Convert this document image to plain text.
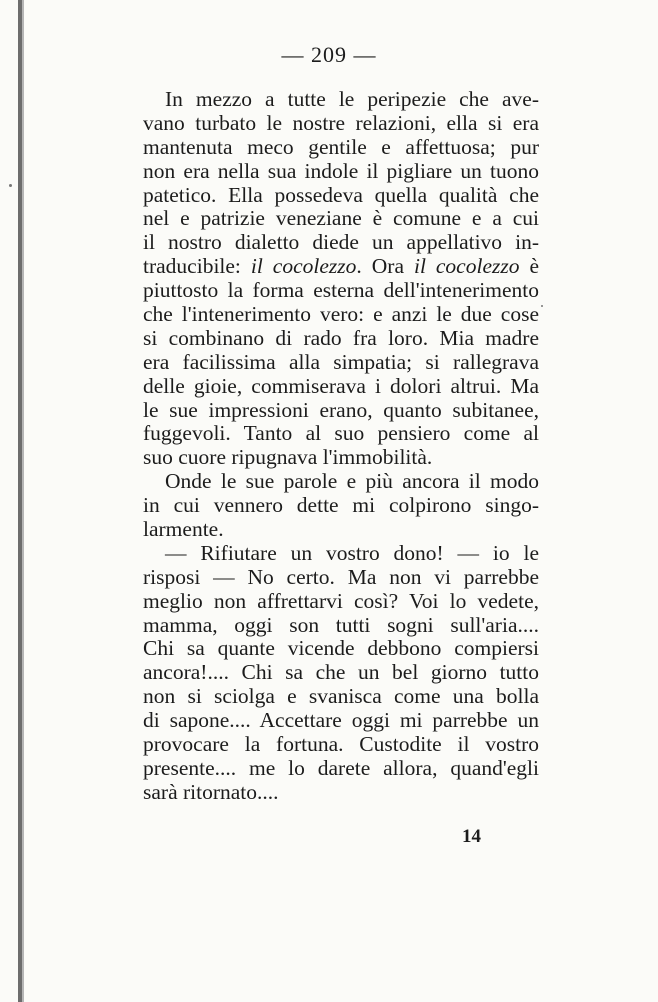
— 209 —
In mezzo a tutte le peripezie che ave-
vano turbato le nostre relazioni, ella si era
mantenuta meco gentile e affettuosa; pur
non era nella sua indole il pigliare un tuono
patetico. Ella possedeva quella qualità che
nel e patrizie veneziane è comune e a cui
il nostro dialetto diede un appellativo in-
traducibile: il cocolezzo. Ora il cocolezzo è
piuttosto la forma esterna dell'intenerimento
che l'intenerimento vero: e anzi le due cose
si combinano di rado fra loro. Mia madre
era facilissima alla simpatia; si rallegrava
delle gioie, commiserava i dolori altrui. Ma
le sue impressioni erano, quanto subitanee,
fuggevoli. Tanto al suo pensiero come al
suo cuore ripugnava l'immobilità.
Onde le sue parole e più ancora il modo
in cui vennero dette mi colpirono singo-
larmente.
— Rifiutare un vostro dono! — io le
risposi — No certo. Ma non vi parrebbe
meglio non affrettarvi così? Voi lo vedete,
mamma, oggi son tutti sogni sull'aria....
Chi sa quante vicende debbono compiersi
ancora!.... Chi sa che un bel giorno tutto
non si sciolga e svanisca come una bolla
di sapone.... Accettare oggi mi parrebbe un
provocare la fortuna. Custodite il vostro
presente.... me lo darete allora, quand'egli
sarà ritornato....
14
